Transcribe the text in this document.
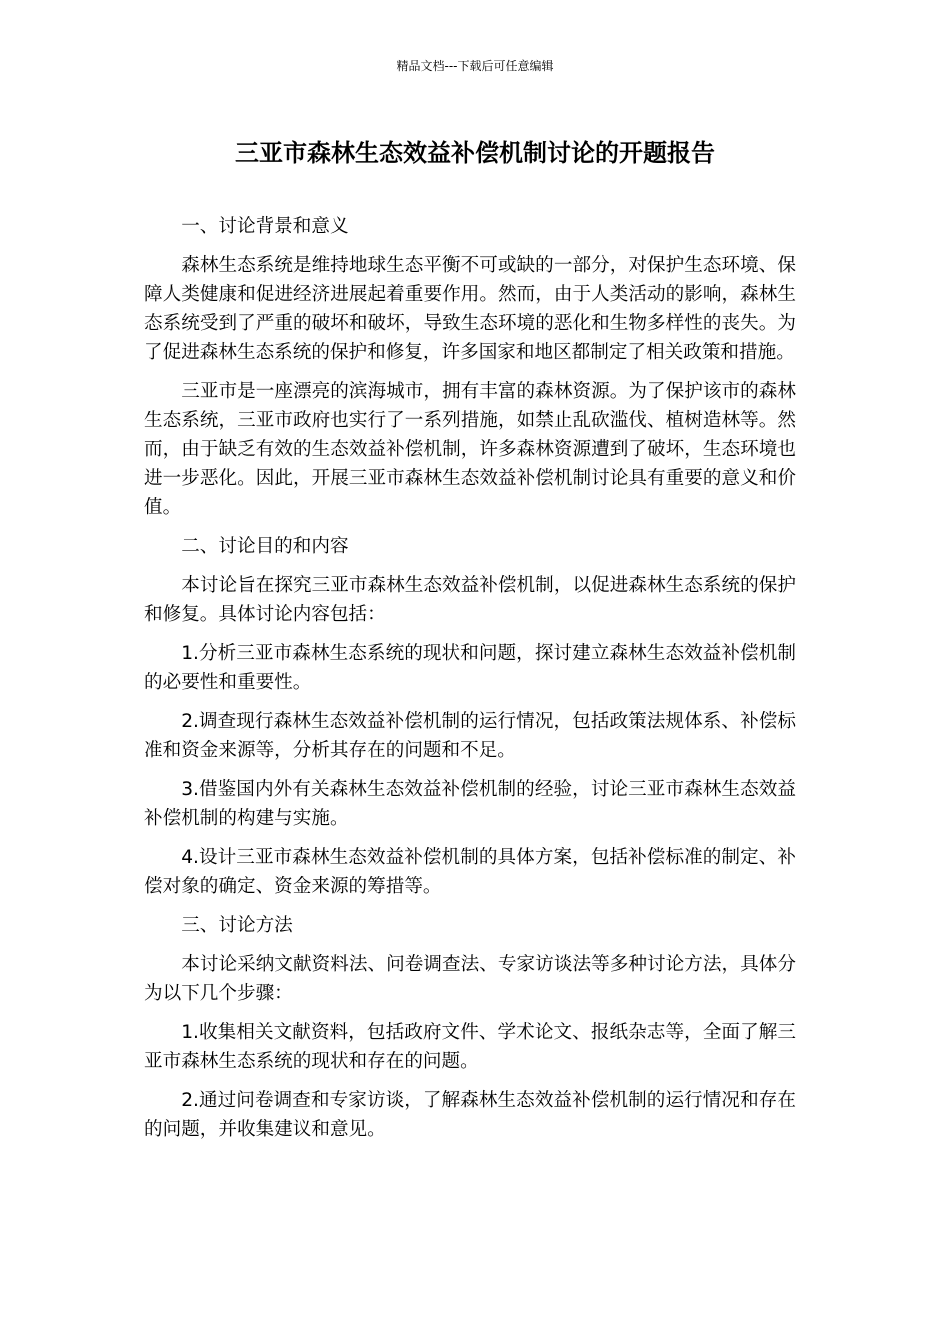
精品文档---下载后可任意编辑
三亚市森林生态效益补偿机制讨论的开题报告

一、讨论背景和意义

森林生态系统是维持地球生态平衡不可或缺的一部分，对保护生态环境、保障人类健康和促进经济进展起着重要作用。然而，由于人类活动的影响，森林生态系统受到了严重的破坏和破坏，导致生态环境的恶化和生物多样性的丧失。为了促进森林生态系统的保护和修复，许多国家和地区都制定了相关政策和措施。

三亚市是一座漂亮的滨海城市，拥有丰富的森林资源。为了保护该市的森林生态系统，三亚市政府也实行了一系列措施，如禁止乱砍滥伐、植树造林等。然而，由于缺乏有效的生态效益补偿机制，许多森林资源遭到了破坏，生态环境也进一步恶化。因此，开展三亚市森林生态效益补偿机制讨论具有重要的意义和价值。

二、讨论目的和内容

本讨论旨在探究三亚市森林生态效益补偿机制，以促进森林生态系统的保护和修复。具体讨论内容包括：

1.分析三亚市森林生态系统的现状和问题，探讨建立森林生态效益补偿机制的必要性和重要性。

2.调查现行森林生态效益补偿机制的运行情况，包括政策法规体系、补偿标准和资金来源等，分析其存在的问题和不足。

3.借鉴国内外有关森林生态效益补偿机制的经验，讨论三亚市森林生态效益补偿机制的构建与实施。

4.设计三亚市森林生态效益补偿机制的具体方案，包括补偿标准的制定、补偿对象的确定、资金来源的筹措等。

三、讨论方法

本讨论采纳文献资料法、问卷调查法、专家访谈法等多种讨论方法，具体分为以下几个步骤：

1.收集相关文献资料，包括政府文件、学术论文、报纸杂志等，全面了解三亚市森林生态系统的现状和存在的问题。

2.通过问卷调查和专家访谈，了解森林生态效益补偿机制的运行情况和存在的问题，并收集建议和意见。
